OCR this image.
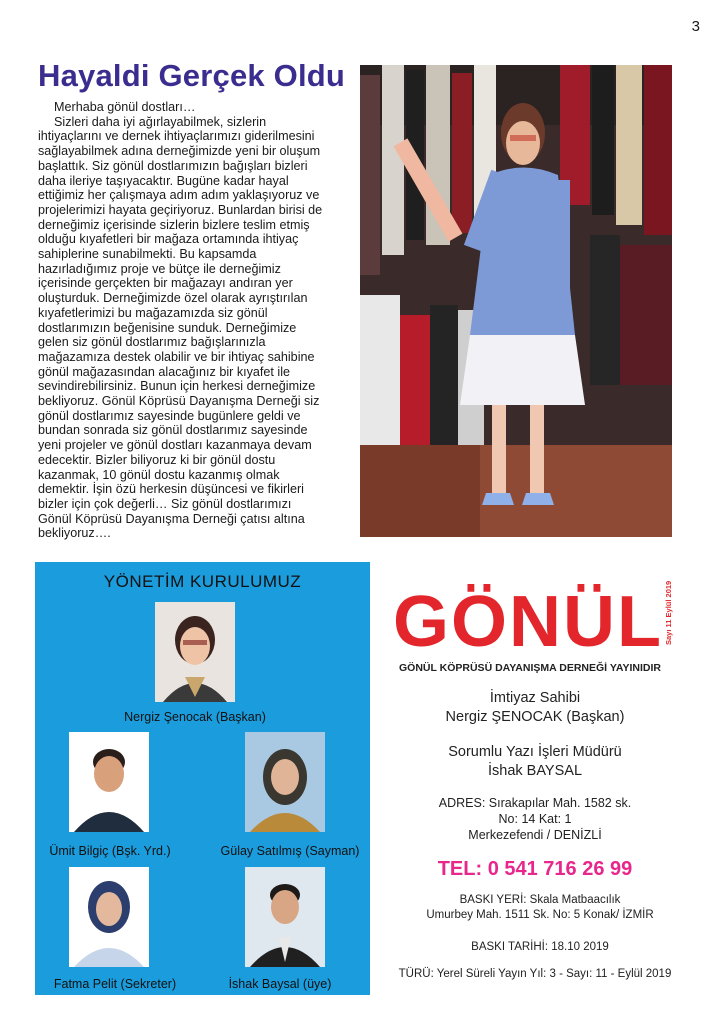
3
Hayaldi Gerçek Oldu

Merhaba gönül dostları…

Sizleri daha iyi ağırlayabilmek, sizlerin ihtiyaçlarını ve dernek ihtiyaçlarımızı giderilmesini sağlayabilmek adına derneğimizde yeni bir oluşum başlattık. Siz gönül dostlarımızın bağışları bizleri daha ileriye taşıyacaktır. Bugüne kadar hayal ettiğimiz her çalışmaya adım adım yaklaşıyoruz ve projelerimizi hayata geçiriyoruz. Bunlardan birisi de derneğimiz içerisinde sizlerin bizlere teslim etmiş olduğu kıyafetleri bir mağaza ortamında ihtiyaç sahiplerine sunabilmekti. Bu kapsamda hazırladığımız proje ve bütçe ile derneğimiz içerisinde gerçekten bir mağazayı andıran yer oluşturduk. Derneğimizde özel olarak ayrıştırılan kıyafetlerimizi bu mağazamızda siz gönül dostlarımızın beğenisine sunduk. Derneğimize gelen siz gönül dostlarımız bağışlarınızla mağazamıza destek olabilir ve bir ihtiyaç sahibine gönül mağazasından alacağınız bir kıyafet ile sevindirebilirsiniz. Bunun için herkesi derneğimize bekliyoruz. Gönül Köprüsü Dayanışma Derneği siz gönül dostlarımız sayesinde bugünlere geldi ve bundan sonrada siz gönül dostlarımız sayesinde yeni projeler ve gönül dostları kazanmaya devam edecektir. Bizler biliyoruz ki bir gönül dostu kazanmak, 10 gönül dostu kazanmış olmak demektir. İşin özü herkesin düşüncesi ve fikirleri bizler için çok değerli… Siz gönül dostlarımızı Gönül Köprüsü Dayanışma Derneği çatısı altına bekliyoruz….

YÖNETİM KURULUMUZ
Nergiz Şenocak (Başkan)
Ümit Bilgiç (Bşk. Yrd.)	Gülay Satılmış (Sayman)
Fatma Pelit (Sekreter)	İshak Baysal (üye)
GÖNÜL Sayı 11 Eylül 2019
GÖNÜL KÖPRÜSÜ DAYANIŞMA DERNEĞİ YAYINIDIR
İmtiyaz Sahibi
Nergiz ŞENOCAK (Başkan)
Sorumlu Yazı İşleri Müdürü
İshak BAYSAL
ADRES: Sırakapılar Mah. 1582 sk.
No: 14 Kat: 1
Merkezefendi / DENİZLİ
TEL: 0 541 716 26 99
BASKI YERİ: Skala Matbaacılık
Umurbey Mah. 1511 Sk. No: 5 Konak/ İZMİR
BASKI TARİHİ: 18.10 2019
TÜRÜ: Yerel Süreli Yayın Yıl: 3 - Sayı: 11 - Eylül 2019
